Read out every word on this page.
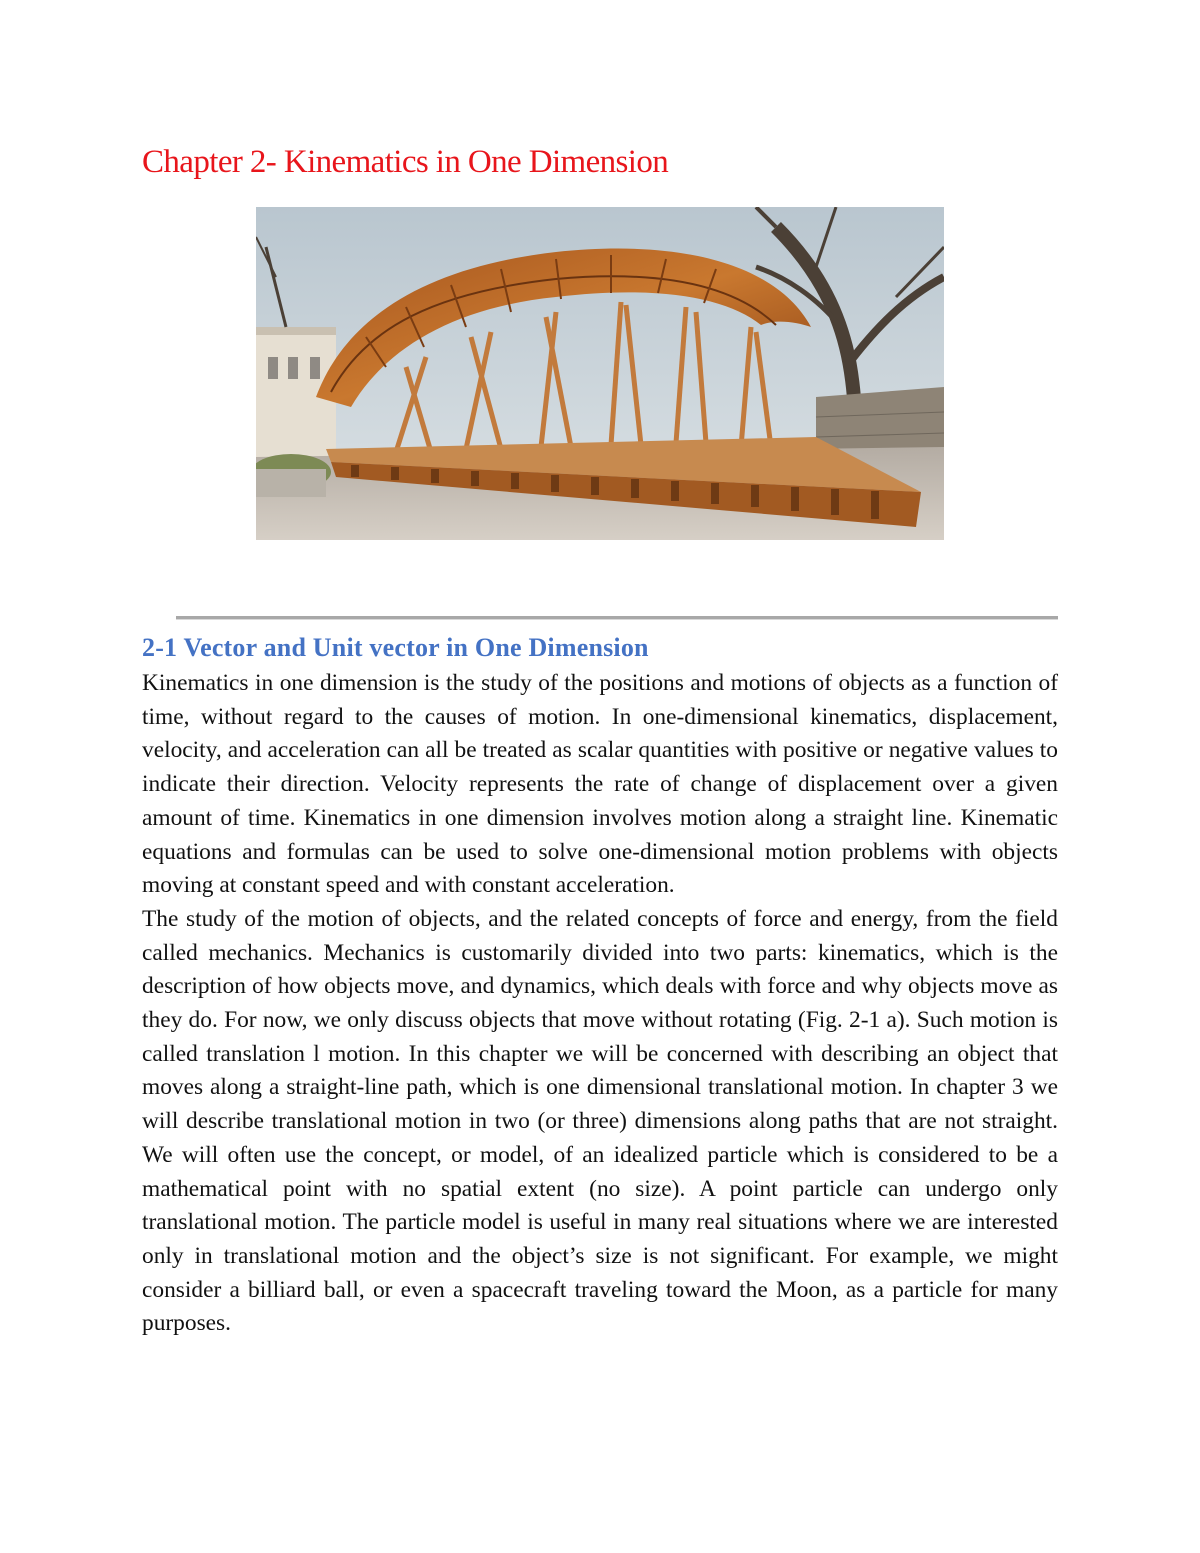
Chapter 2- Kinematics in One Dimension
2-1 Vector and Unit vector in One Dimension

Kinematics in one dimension is the study of the positions and motions of objects as a function of time, without regard to the causes of motion. In one-dimensional kinematics, displacement, velocity, and acceleration can all be treated as scalar quantities with positive or negative values to indicate their direction. Velocity represents the rate of change of displacement over a given amount of time. Kinematics in one dimension involves motion along a straight line. Kinematic equations and formulas can be used to solve one-dimensional motion problems with objects moving at constant speed and with constant acceleration.

The study of the motion of objects, and the related concepts of force and energy, from the field called mechanics. Mechanics is customarily divided into two parts: kinematics, which is the description of how objects move, and dynamics, which deals with force and why objects move as they do. For now, we only discuss objects that move without rotating (Fig. 2-1 a). Such motion is called translation l motion. In this chapter we will be concerned with describing an object that moves along a straight-line path, which is one dimensional translational motion. In chapter 3 we will describe translational motion in two (or three) dimensions along paths that are not straight. We will often use the concept, or model, of an idealized particle which is considered to be a mathematical point with no spatial extent (no size). A point particle can undergo only translational motion. The particle model is useful in many real situations where we are interested only in translational motion and the object’s size is not significant. For example, we might consider a billiard ball, or even a spacecraft traveling toward the Moon, as a particle for many purposes.
